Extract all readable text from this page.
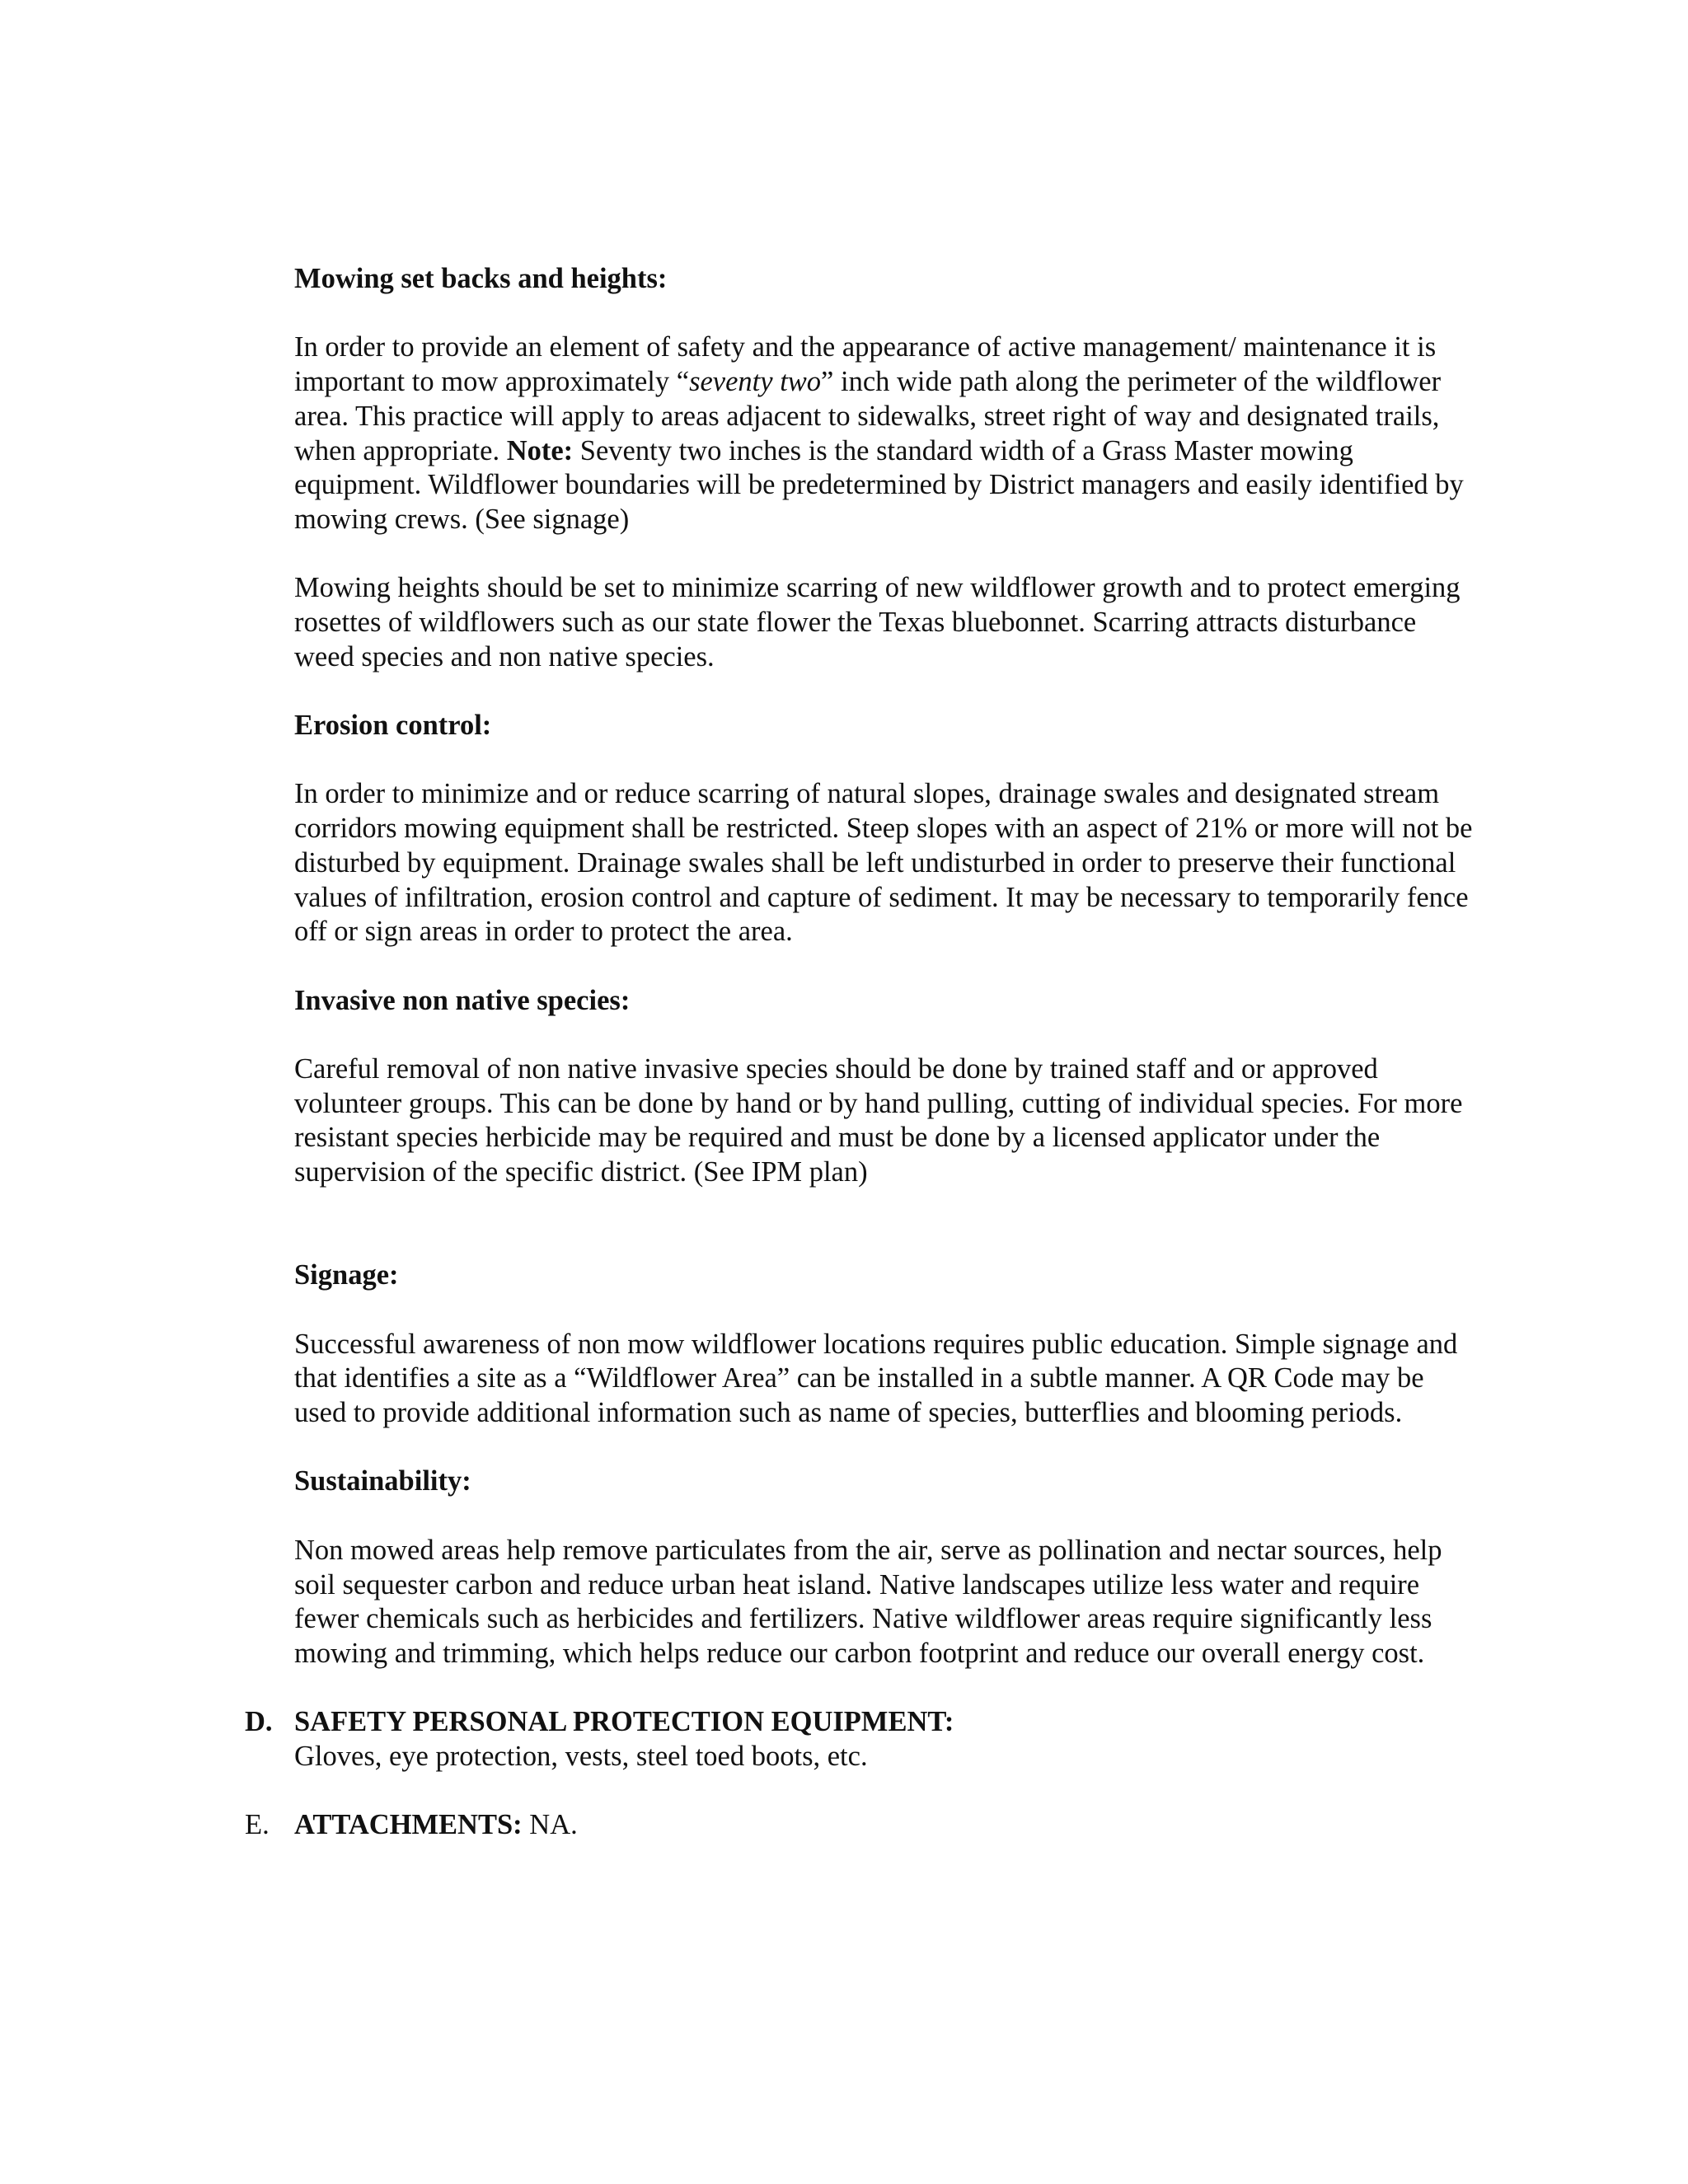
Mowing set backs and heights:

In order to provide an element of safety and the appearance of active management/ maintenance it is important to mow approximately “seventy two” inch wide path along the perimeter of the wildflower area. This practice will apply to areas adjacent to sidewalks, street right of way and designated trails, when appropriate. Note: Seventy two inches is the standard width of a Grass Master mowing equipment. Wildflower boundaries will be predetermined by District managers and easily identified by mowing crews. (See signage)

Mowing heights should be set to minimize scarring of new wildflower growth and to protect emerging rosettes of wildflowers such as our state flower the Texas bluebonnet. Scarring attracts disturbance weed species and non native species.

Erosion control:

In order to minimize and or reduce scarring of natural slopes, drainage swales and designated stream corridors mowing equipment shall be restricted. Steep slopes with an aspect of 21% or more will not be disturbed by equipment. Drainage swales shall be left undisturbed in order to preserve their functional values of infiltration, erosion control and capture of sediment. It may be necessary to temporarily fence off or sign areas in order to protect the area.

Invasive non native species:

Careful removal of non native invasive species should be done by trained staff and or approved volunteer groups. This can be done by hand or by hand pulling, cutting of individual species. For more resistant species herbicide may be required and must be done by a licensed applicator under the supervision of the specific district. (See IPM plan)

Signage:

Successful awareness of non mow wildflower locations requires public education. Simple signage and that identifies a site as a “Wildflower Area” can be installed in a subtle manner. A QR Code may be used to provide additional information such as name of species, butterflies and blooming periods.

Sustainability:

Non mowed areas help remove particulates from the air, serve as pollination and nectar sources, help soil sequester carbon and reduce urban heat island. Native landscapes utilize less water and require fewer chemicals such as herbicides and fertilizers. Native wildflower areas require significantly less mowing and trimming, which helps reduce our carbon footprint and reduce our overall energy cost.

D. SAFETY PERSONAL PROTECTION EQUIPMENT:
Gloves, eye protection, vests, steel toed boots, etc.
E. ATTACHMENTS: NA.
